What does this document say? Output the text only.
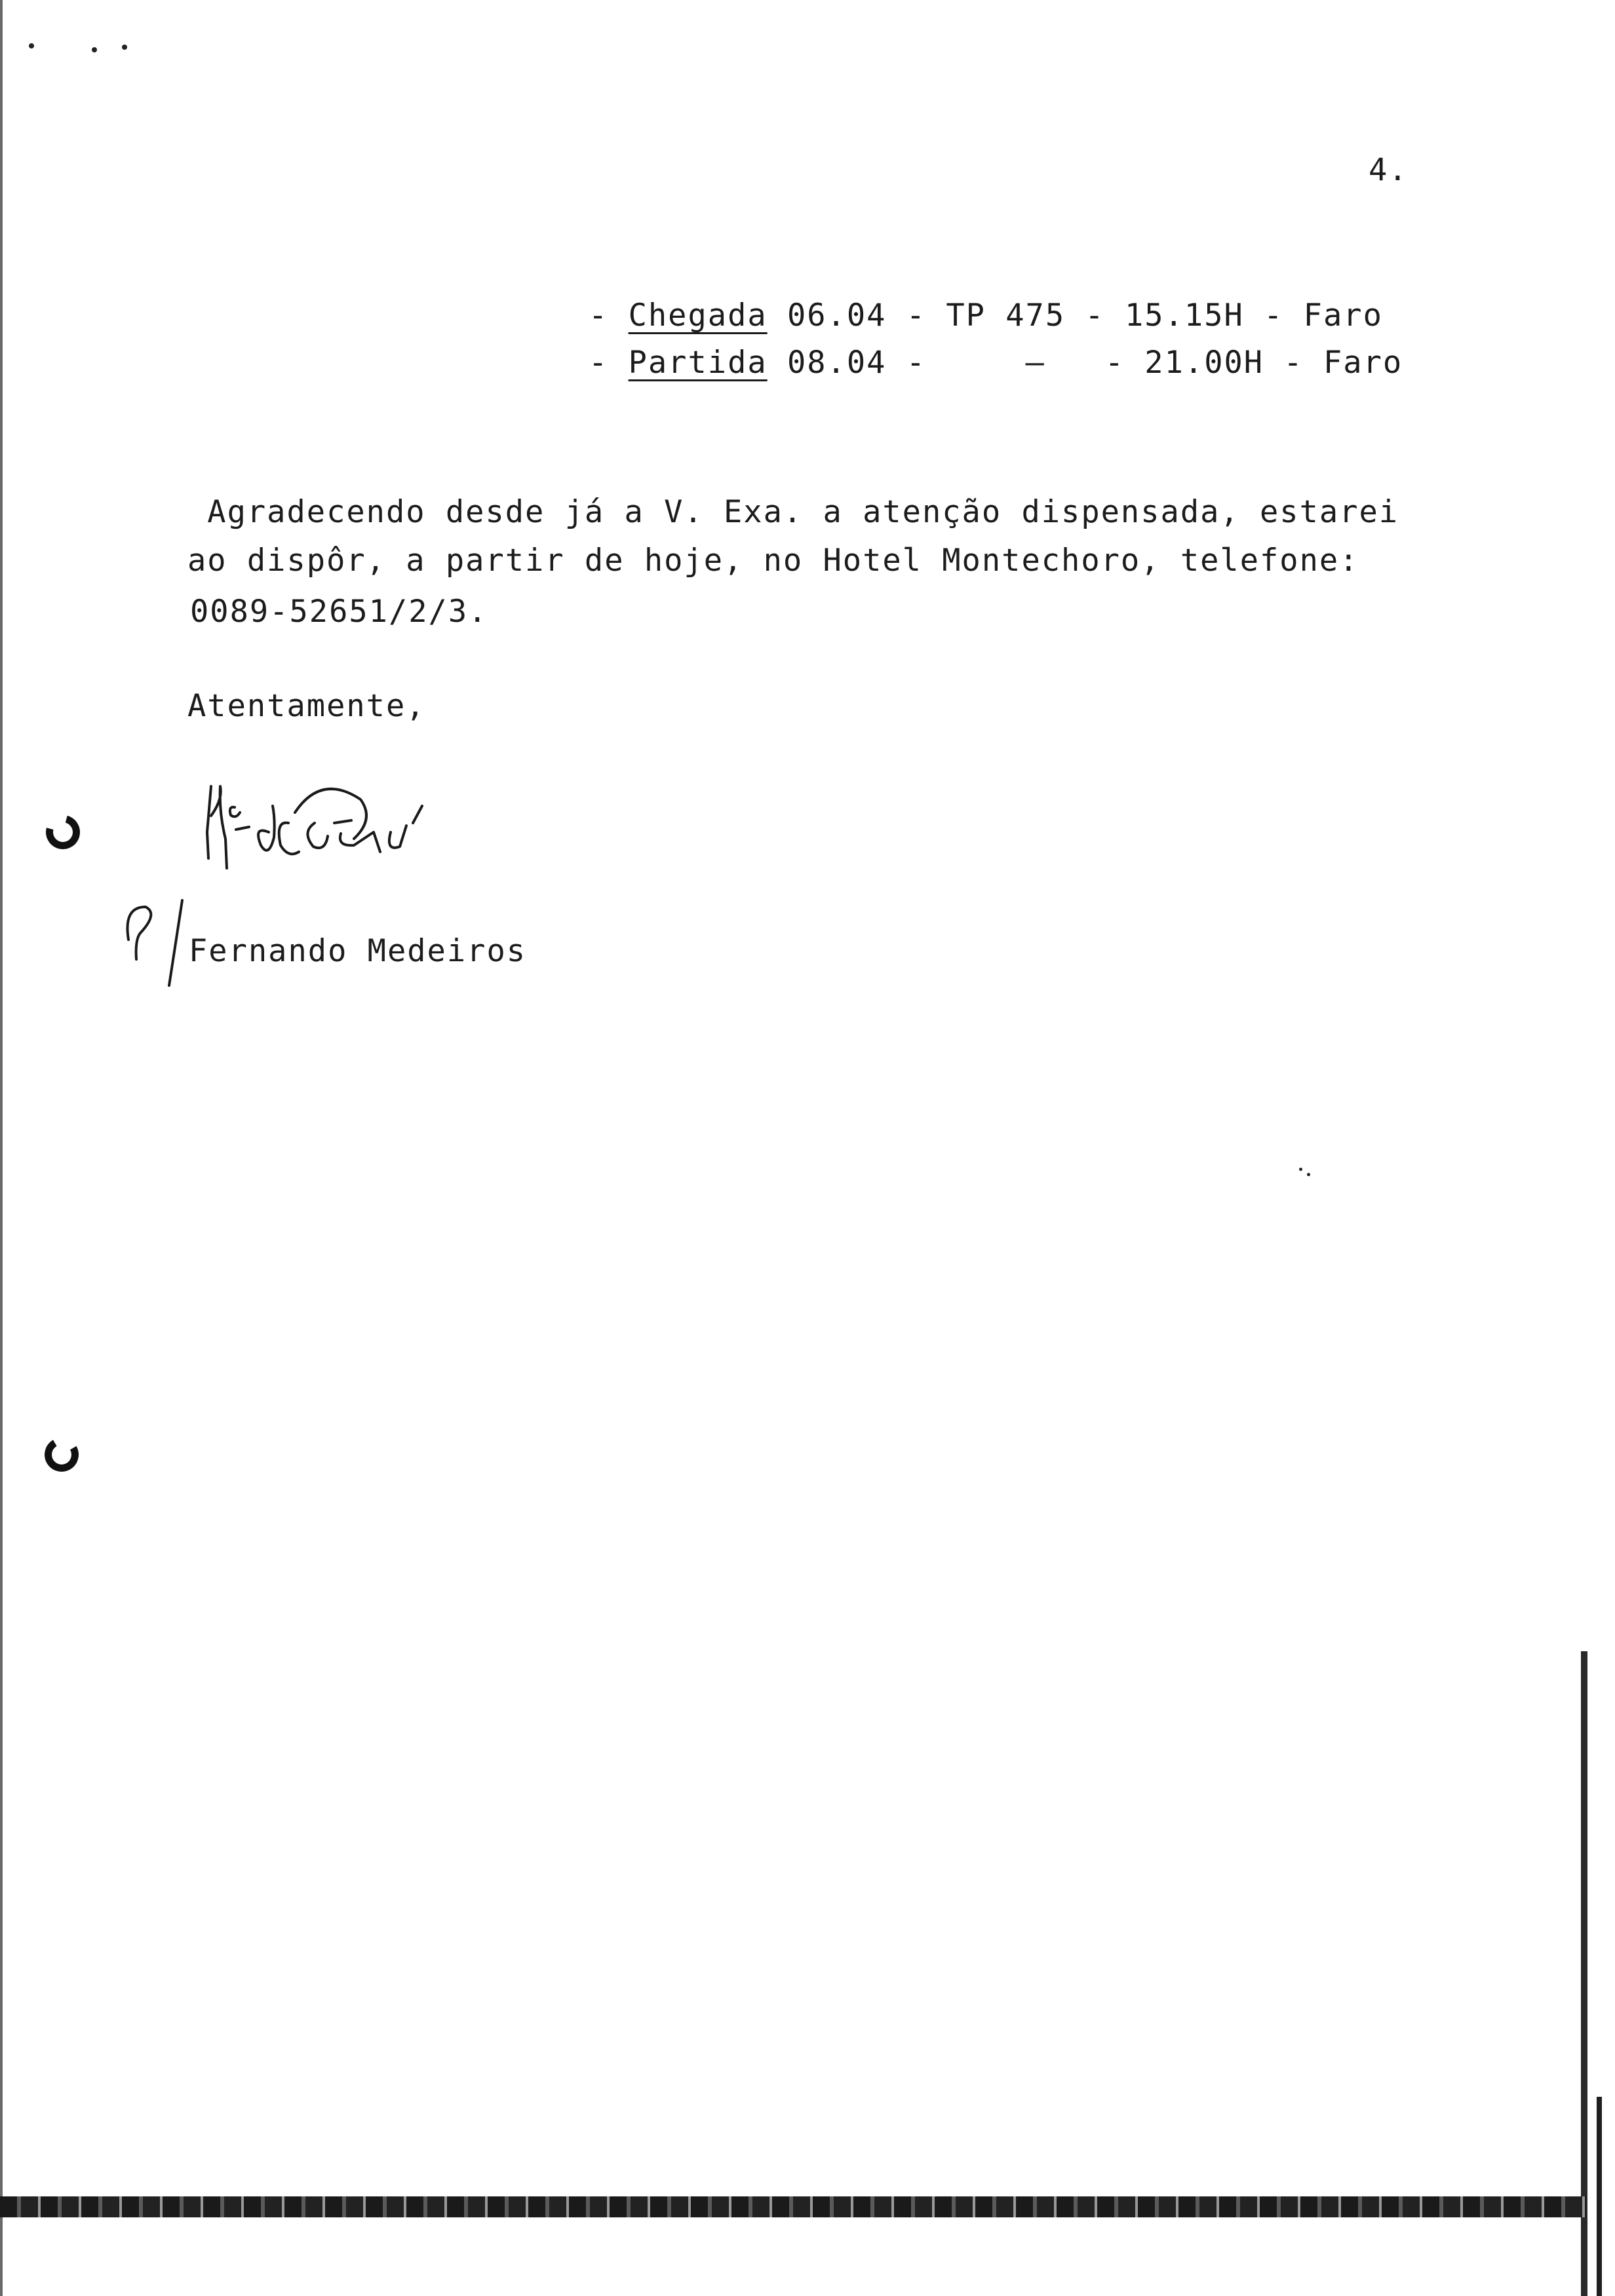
4.
- Chegada 06.04 - TP 475 - 15.15H - Faro
- Partida 08.04 -     —   - 21.00H - Faro
Agradecendo desde já a V. Exa. a atenção dispensada, estarei
ao dispôr, a partir de hoje, no Hotel Montechoro, telefone:
0089-52651/2/3.
Atentamente,
Fernando Medeiros
